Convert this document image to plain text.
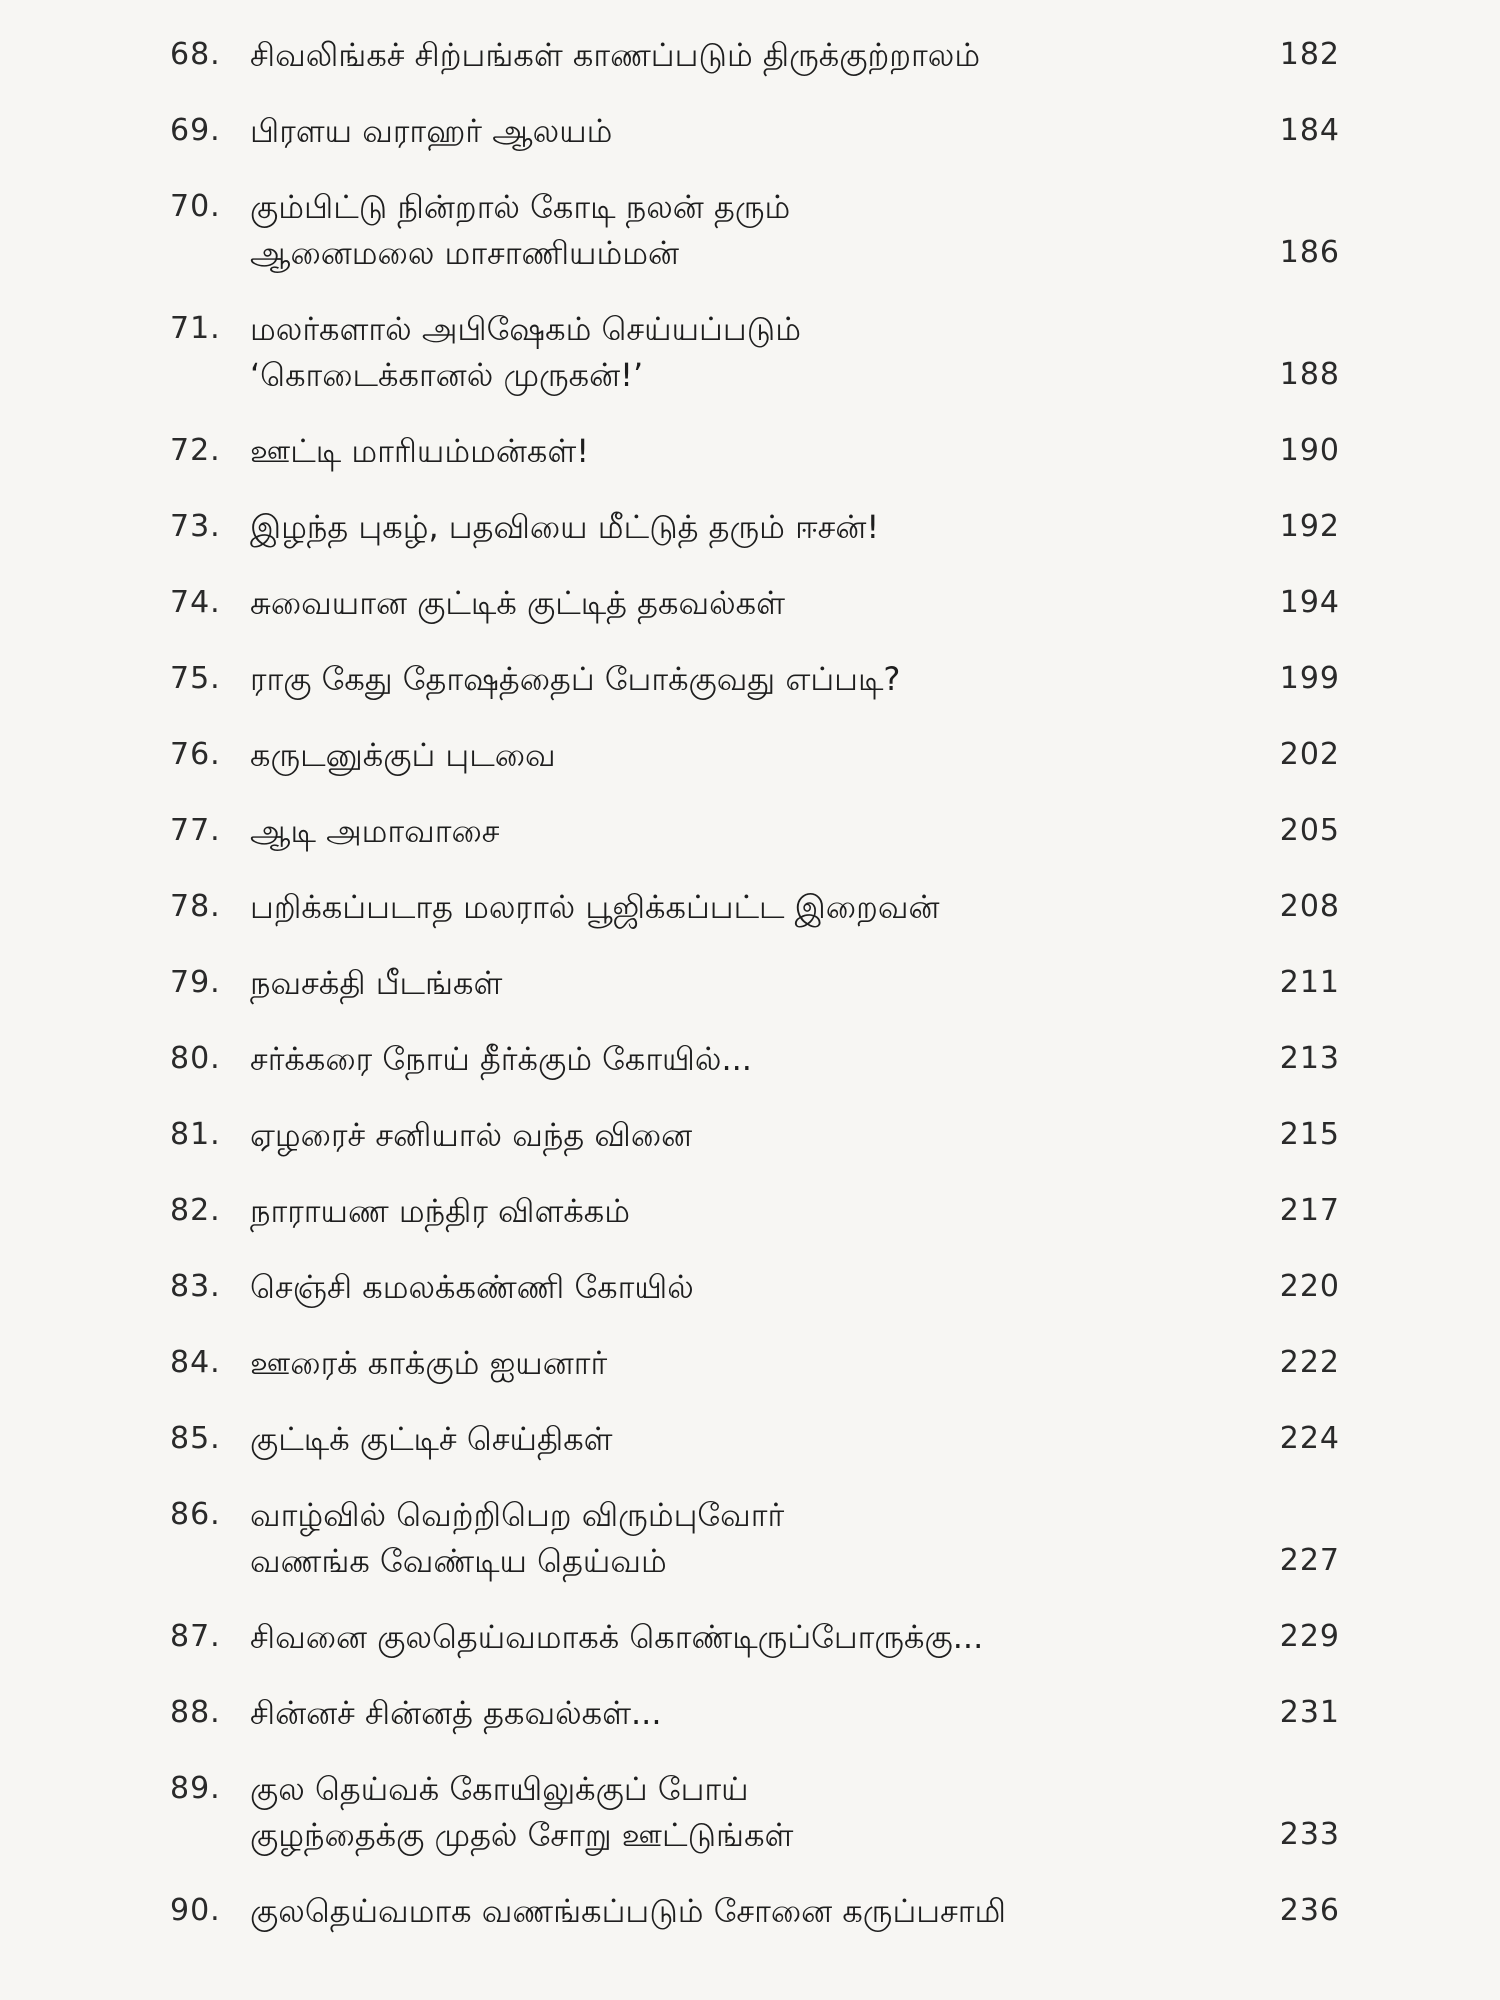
68. சிவலிங்கச் சிற்பங்கள் காணப்படும் திருக்குற்றாலம்	182
69. பிரளய வராஹர் ஆலயம்	184
70. கும்பிட்டு நின்றால் கோடி நலன் தரும்
ஆனைமலை மாசாணியம்மன்	186
71. மலர்களால் அபிஷேகம் செய்யப்படும்
‘கொடைக்கானல் முருகன்!’	188
72. ஊட்டி மாரியம்மன்கள்!	190
73. இழந்த புகழ், பதவியை மீட்டுத் தரும் ஈசன்!	192
74. சுவையான குட்டிக் குட்டித் தகவல்கள்	194
75. ராகு கேது தோஷத்தைப் போக்குவது எப்படி?	199
76. கருடனுக்குப் புடவை	202
77. ஆடி அமாவாசை	205
78. பறிக்கப்படாத மலரால் பூஜிக்கப்பட்ட இறைவன்	208
79. நவசக்தி பீடங்கள்	211
80. சர்க்கரை நோய் தீர்க்கும் கோயில்...	213
81. ஏழரைச் சனியால் வந்த வினை	215
82. நாராயண மந்திர விளக்கம்	217
83. செஞ்சி கமலக்கண்ணி கோயில்	220
84. ஊரைக் காக்கும் ஐயனார்	222
85. குட்டிக் குட்டிச் செய்திகள்	224
86. வாழ்வில் வெற்றிபெற விரும்புவோர்
வணங்க வேண்டிய தெய்வம்	227
87. சிவனை குலதெய்வமாகக் கொண்டிருப்போருக்கு...	229
88. சின்னச் சின்னத் தகவல்கள்...	231
89. குல தெய்வக் கோயிலுக்குப் போய்
குழந்தைக்கு முதல் சோறு ஊட்டுங்கள்	233
90. குலதெய்வமாக வணங்கப்படும் சோனை கருப்பசாமி	236
